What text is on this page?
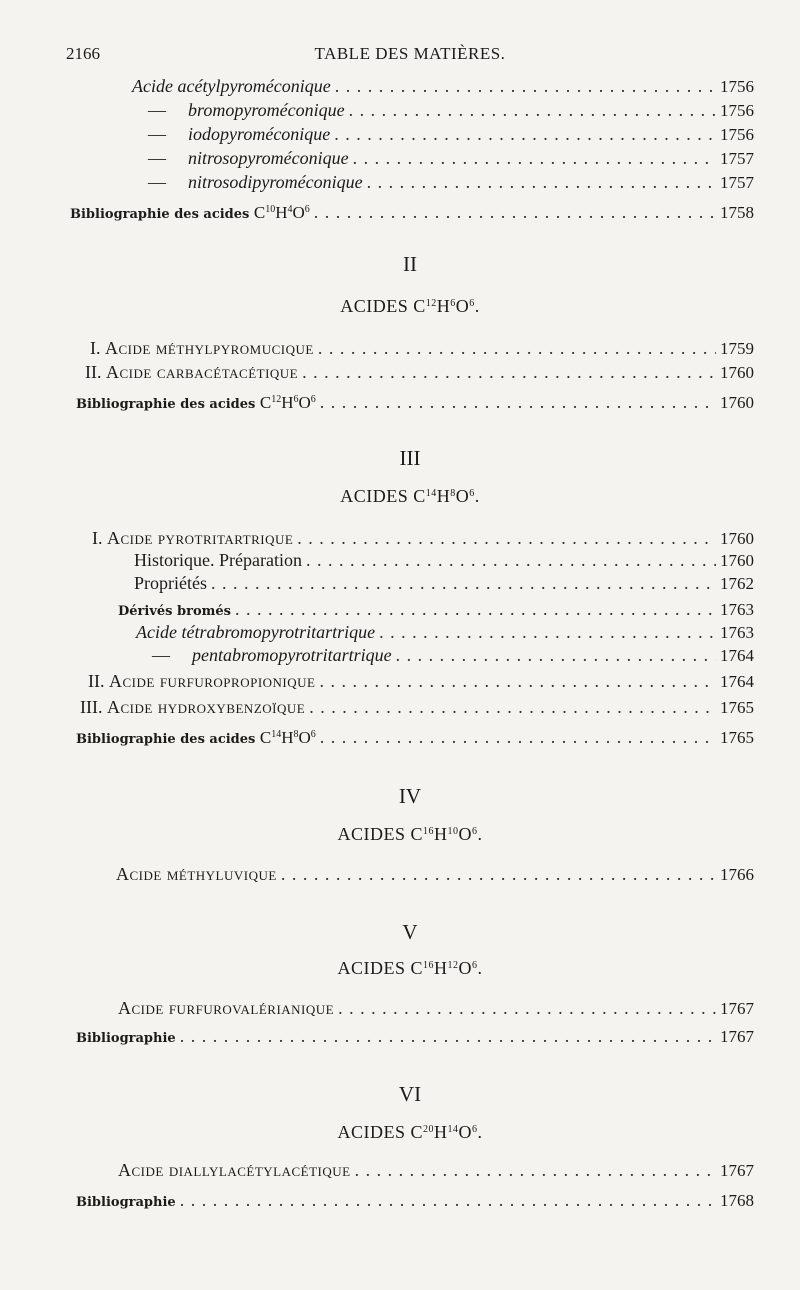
2166	TABLE DES MATIÈRES.
Acide acétylpyroméconique . . .	1756
— bromopyroméconique . . .	1756
— iodopyroméconique . . .	1756
— nitrosopyroméconique . . .	1757
— nitrosodipyroméconique . . .	1757
Bibliographie des acides $C^{10}H^4O^6$ . . .	1758
II
ACIDES $C^{12}H^6O^6$.
I. Acide méthylpyromucique . . .	1759
II. Acide carbacétacétique . . .	1760
Bibliographie des acides $C^{12}H^6O^6$ . . .	1760
III
ACIDES $C^{14}H^8O^6$.
I. Acide pyrotritartrique . . .	1760
Historique. Préparation . . .	1760
Propriétés . . .	1762
Dérivés bromés . . .	1763
Acide tétrabromopyrotritartrique . . .	1763
— pentabromopyrotritartrique . . .	1764
II. Acide furfuropropionique . . .	1764
III. Acide hydroxybenzoïque . . .	1765
Bibliographie des acides $C^{14}H^8O^6$ . . .	1765
IV
ACIDES $C^{16}H^{10}O^6$.
Acide méthyluvique . . .	1766
V
ACIDES $C^{16}H^{12}O^6$.
Acide furfurovalérianique . . .	1767
Bibliographie . . .	1767
VI
ACIDES $C^{20}H^{14}O^6$.
Acide diallylacétylacétique . . .	1767
Bibliographie . . .	1768
